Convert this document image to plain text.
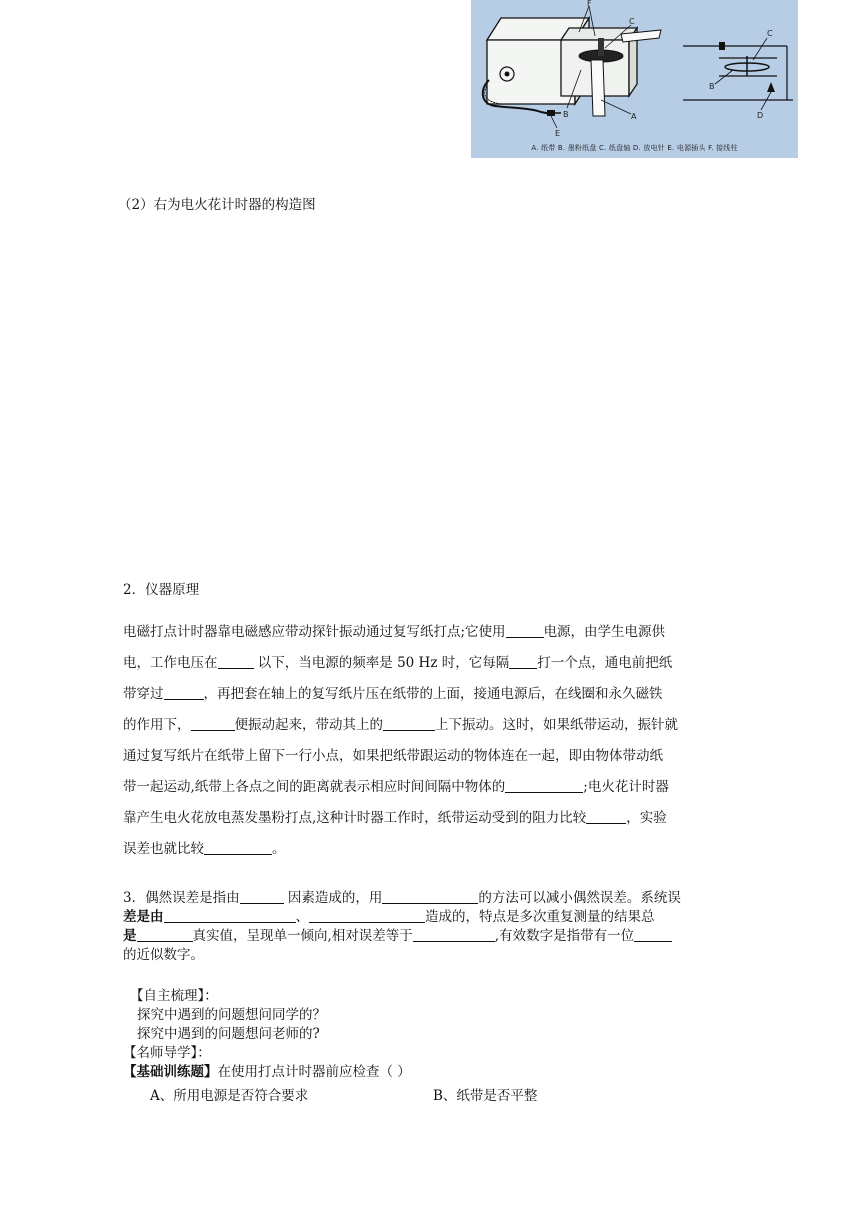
F
C
B	A
E
C
B
D
A. 纸带 B. 墨粉纸盘 C. 纸盘轴 D. 放电针 E. 电源插头 F. 接线柱
（2）右为电火花计时器的构造图
2．仪器原理
电磁打点计时器靠电磁感应带动探针振动通过复写纸打点;它使用	电源，由学生电源供
电，工作电压在	以下，当电源的频率是 50 Hz 时，它每隔 打一个点，通电前把纸
带穿过	，再把套在轴上的复写纸片压在纸带的上面，接通电源后，在线圈和永久磁铁
的作用下，	便振动起来，带动其上的	上下振动。这时，如果纸带运动，振针就
通过复写纸片在纸带上留下一行小点，如果把纸带跟运动的物体连在一起，即由物体带动纸
带一起运动,纸带上各点之间的距离就表示相应时间间隔中物体的	;电火花计时器
靠产生电火花放电蒸发墨粉打点,这种计时器工作时，纸带运动受到的阻力比较	，实验
误差也就比较	。
3．偶然误差是指由	因素造成的，用	的方法可以减小偶然误差。系统误
差是由	、	造成的，特点是多次重复测量的结果总
是	真实值，呈现单一倾向,相对误差等于	,有效数字是指带有一位
的近似数字。
【自主梳理】：
探究中遇到的问题想问同学的？
探究中遇到的问题想问老师的?
【名师导学】：
【基础训练题】在使用打点计时器前应检查（ ）
A、所用电源是否符合要求	B、纸带是否平整
